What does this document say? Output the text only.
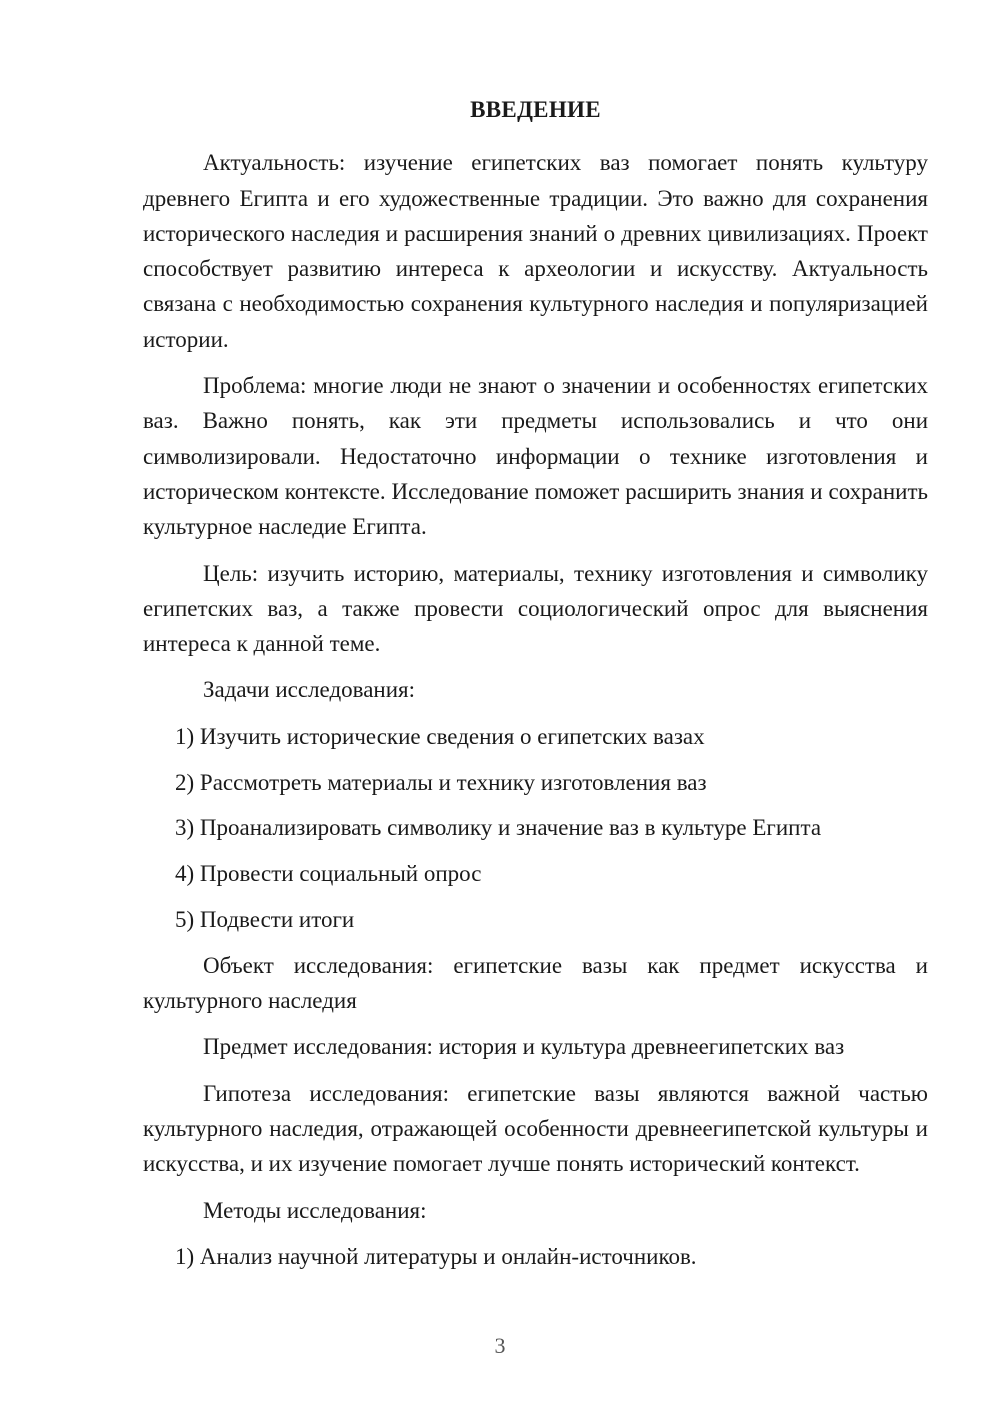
ВВЕДЕНИЕ

Актуальность: изучение египетских ваз помогает понять культуру древнего Египта и его художественные традиции. Это важно для сохранения исторического наследия и расширения знаний о древних цивилизациях. Проект способствует развитию интереса к археологии и искусству. Актуальность связана с необходимостью сохранения культурного наследия и популяризацией истории.

Проблема: многие люди не знают о значении и особенностях египетских ваз. Важно понять, как эти предметы использовались и что они символизировали. Недостаточно информации о технике изготовления и историческом контексте. Исследование поможет расширить знания и сохранить культурное наследие Египта.

Цель: изучить историю, материалы, технику изготовления и символику египетских ваз, а также провести социологический опрос для выяснения интереса к данной теме.

Задачи исследования:

1) Изучить исторические сведения о египетских вазах
2) Рассмотреть материалы и технику изготовления ваз
3) Проанализировать символику и значение ваз в культуре Египта
4) Провести социальный опрос
5) Подвести итоги

Объект исследования: египетские вазы как предмет искусства и культурного наследия

Предмет исследования: история и культура древнеегипетских ваз

Гипотеза исследования: египетские вазы являются важной частью культурного наследия, отражающей особенности древнеегипетской культуры и искусства, и их изучение помогает лучше понять исторический контекст.

Методы исследования:

1) Анализ научной литературы и онлайн-источников.
3
